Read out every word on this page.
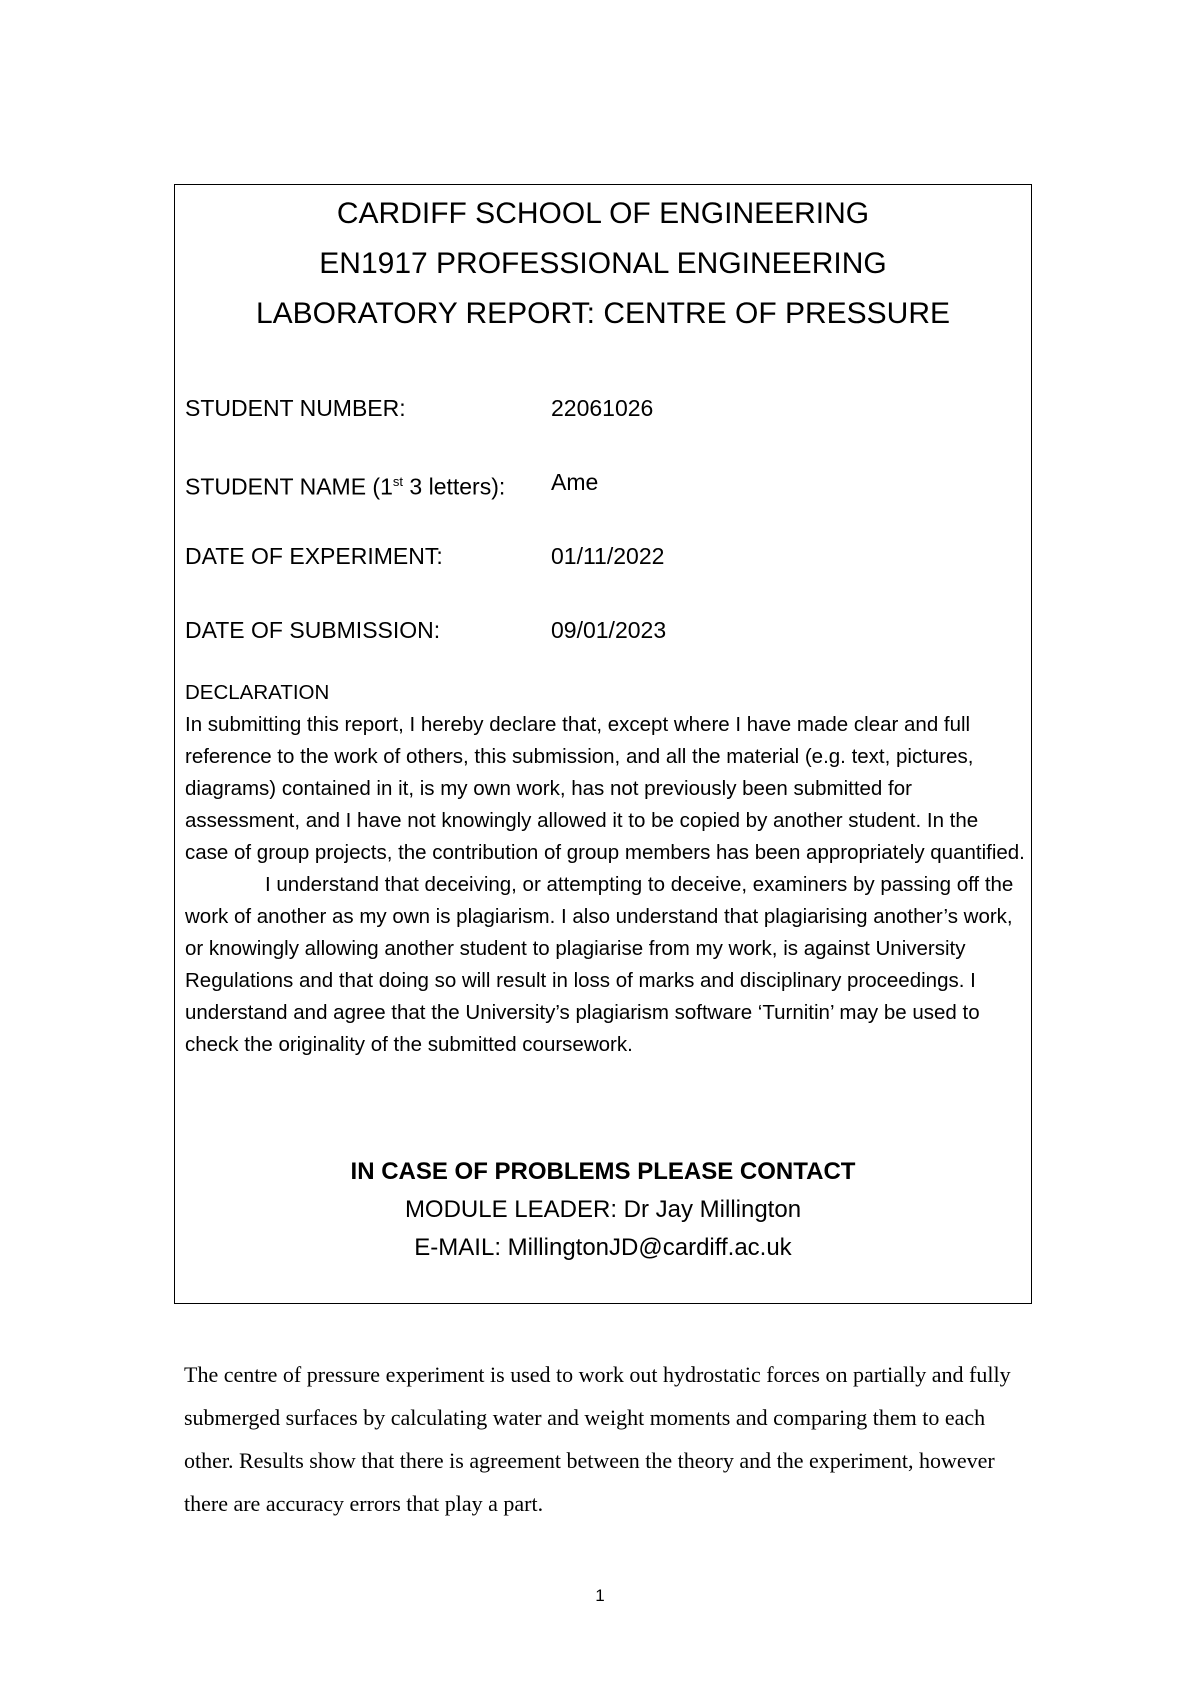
CARDIFF SCHOOL OF ENGINEERING
EN1917 PROFESSIONAL ENGINEERING
LABORATORY REPORT: CENTRE OF PRESSURE
STUDENT NUMBER:	22061026
STUDENT NAME (1st 3 letters): Ame
DATE OF EXPERIMENT:	01/11/2022
DATE OF SUBMISSION:	09/01/2023

DECLARATION

In submitting this report, I hereby declare that, except where I have made clear and full reference to the work of others, this submission, and all the material (e.g. text, pictures, diagrams) contained in it, is my own work, has not previously been submitted for assessment, and I have not knowingly allowed it to be copied by another student. In the case of group projects, the contribution of group members has been appropriately quantified.

I understand that deceiving, or attempting to deceive, examiners by passing off the work of another as my own is plagiarism. I also understand that plagiarising another’s work, or knowingly allowing another student to plagiarise from my work, is against University Regulations and that doing so will result in loss of marks and disciplinary proceedings. I understand and agree that the University’s plagiarism software ‘Turnitin’ may be used to check the originality of the submitted coursework.

IN CASE OF PROBLEMS PLEASE CONTACT
MODULE LEADER: Dr Jay Millington
E-MAIL: MillingtonJD@cardiff.ac.uk
The centre of pressure experiment is used to work out hydrostatic forces on partially and fully submerged surfaces by calculating water and weight moments and comparing them to each other. Results show that there is agreement between the theory and the experiment, however there are accuracy errors that play a part.
1
